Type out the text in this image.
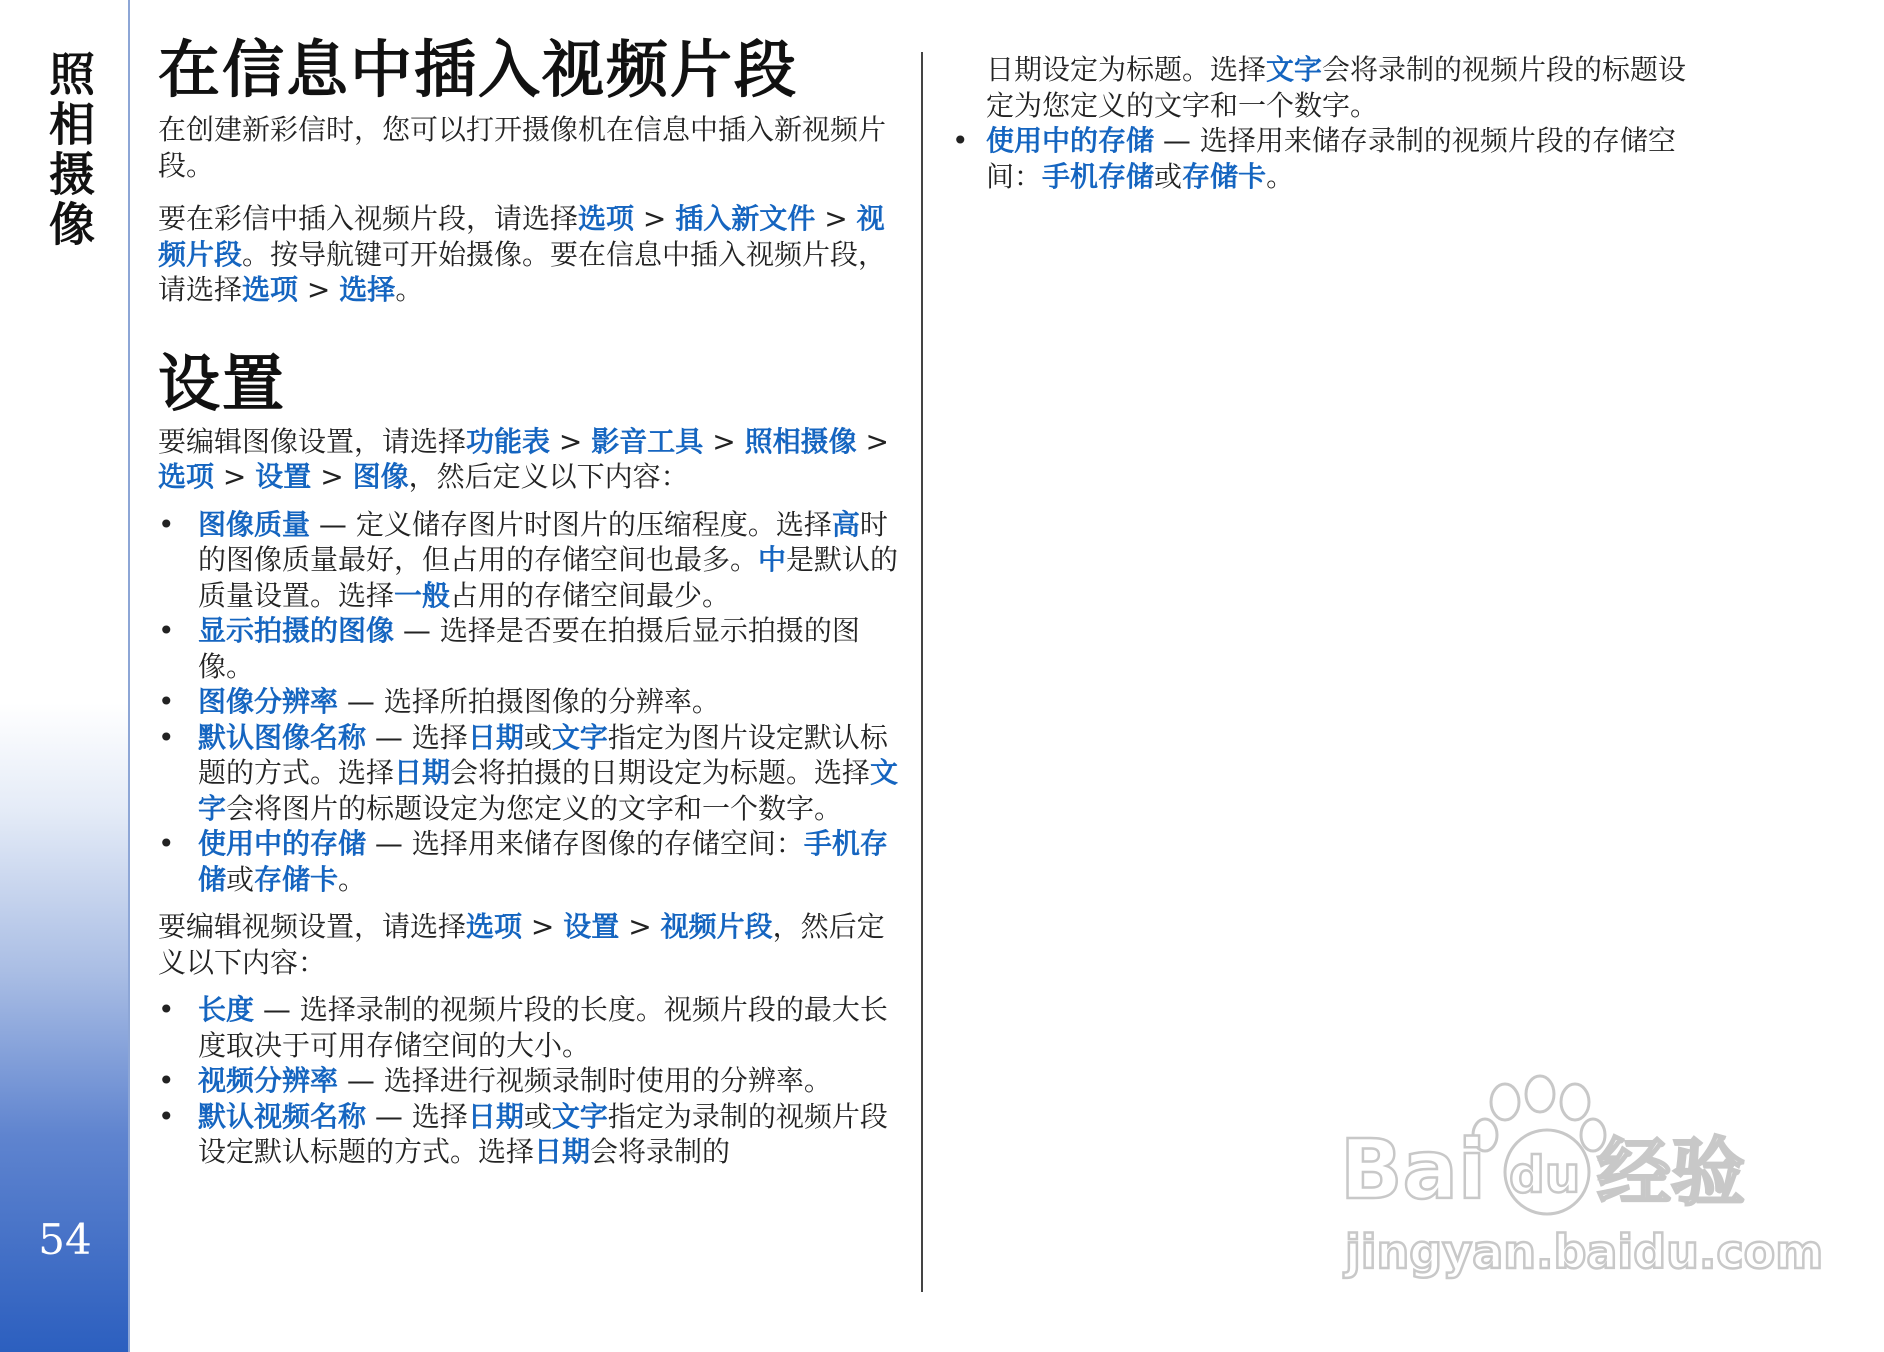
照相摄像
54
在信息中插入视频片段

在创建新彩信时，您可以打开摄像机在信息中插入新视频片段。

要在彩信中插入视频片段，请选择选项 > 插入新文件 > 视频片段。按导航键可开始摄像。要在信息中插入视频片段，请选择选项 > 选择。

设置

要编辑图像设置，请选择功能表 > 影音工具 > 照相摄像 > 选项 > 设置 > 图像，然后定义以下内容：

• 图像质量 — 定义储存图片时图片的压缩程度。选择高时的图像质量最好，但占用的存储空间也最多。中是默认的质量设置。选择一般占用的存储空间最少。
• 显示拍摄的图像 — 选择是否要在拍摄后显示拍摄的图像。
• 图像分辨率 — 选择所拍摄图像的分辨率。
• 默认图像名称 — 选择日期或文字指定为图片设定默认标题的方式。选择日期会将拍摄的日期设定为标题。选择文字会将图片的标题设定为您定义的文字和一个数字。
• 使用中的存储 — 选择用来储存图像的存储空间：手机存储或存储卡。

要编辑视频设置，请选择选项 > 设置 > 视频片段，然后定义以下内容：

• 长度 — 选择录制的视频片段的长度。视频片段的最大长度取决于可用存储空间的大小。
• 视频分辨率 — 选择进行视频录制时使用的分辨率。
• 默认视频名称 — 选择日期或文字指定为录制的视频片段设定默认标题的方式。选择日期会将录制的

日期设定为标题。选择文字会将录制的视频片段的标题设定为您定义的文字和一个数字。

• 使用中的存储 — 选择用来储存录制的视频片段的存储空间：手机存储或存储卡。
Bai du 经验
jingyan.baidu.com
